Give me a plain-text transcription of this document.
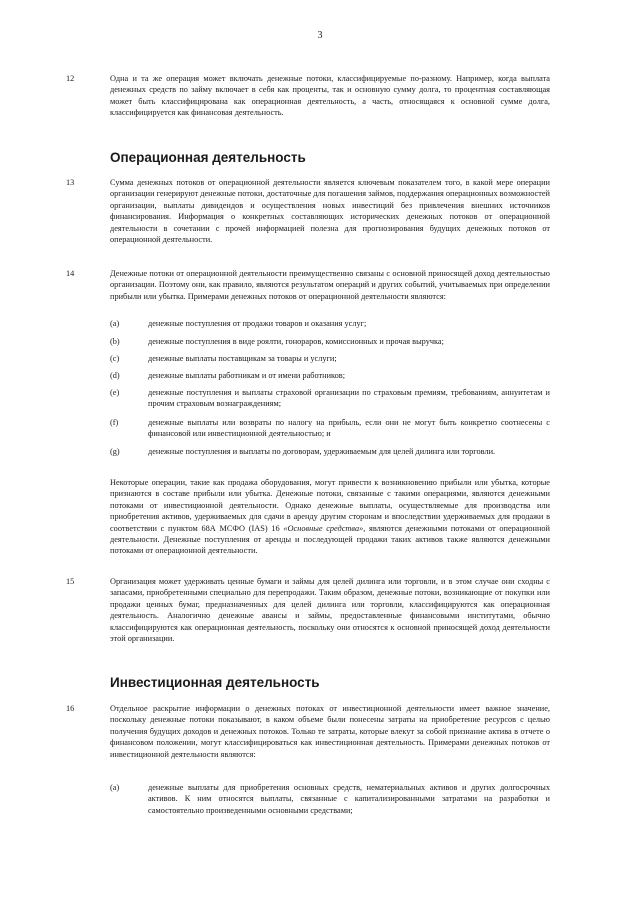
3
12	Одна и та же операция может включать денежные потоки, классифицируемые по-разному. Например, когда выплата денежных средств по займу включает в себя как проценты, так и основную сумму долга, то процентная составляющая может быть классифицирована как операционная деятельность, а часть, относящаяся к основной сумме долга, классифицируется как финансовая деятельность.
Операционная деятельность
13	Сумма денежных потоков от операционной деятельности является ключевым показателем того, в какой мере операции организации генерируют денежные потоки, достаточные для погашения займов, поддержания операционных возможностей организации, выплаты дивидендов и осуществления новых инвестиций без привлечения внешних источников финансирования. Информация о конкретных составляющих исторических денежных потоков от операционной деятельности в сочетании с прочей информацией полезна для прогнозирования будущих денежных потоков от операционной деятельности.
14	Денежные потоки от операционной деятельности преимущественно связаны с основной приносящей доход деятельностью организации. Поэтому они, как правило, являются результатом операций и других событий, учитываемых при определении прибыли или убытка. Примерами денежных потоков от операционной деятельности являются:
(a)	денежные поступления от продажи товаров и оказания услуг;
(b)	денежные поступления в виде роялти, гонораров, комиссионных и прочая выручка;
(c)	денежные выплаты поставщикам за товары и услуги;
(d)	денежные выплаты работникам и от имени работников;
(e)	денежные поступления и выплаты страховой организации по страховым премиям, требованиям, аннуитетам и прочим страховым вознаграждениям;
(f)	денежные выплаты или возвраты по налогу на прибыль, если они не могут быть конкретно соотнесены с финансовой или инвестиционной деятельностью; и
(g)	денежные поступления и выплаты по договорам, удерживаемым для целей дилинга или торговли.
Некоторые операции, такие как продажа оборудования, могут привести к возникновению прибыли или убытка, которые признаются в составе прибыли или убытка. Денежные потоки, связанные с такими операциями, являются денежными потоками от инвестиционной деятельности. Однако денежные выплаты, осуществляемые для производства или приобретения активов, удерживаемых для сдачи в аренду другим сторонам и впоследствии удерживаемых для продажи в соответствии с пунктом 68А МСФО (IAS) 16 «Основные средства», являются денежными потоками от операционной деятельности. Денежные поступления от аренды и последующей продажи таких активов также являются денежными потоками от операционной деятельности.
15	Организация может удерживать ценные бумаги и займы для целей дилинга или торговли, и в этом случае они сходны с запасами, приобретенными специально для перепродажи. Таким образом, денежные потоки, возникающие от покупки или продажи ценных бумаг, предназначенных для целей дилинга или торговли, классифицируются как операционная деятельность. Аналогично денежные авансы и займы, предоставленные финансовыми институтами, обычно классифицируются как операционная деятельность, поскольку они относятся к основной приносящей доход деятельности этой организации.
Инвестиционная деятельность
16	Отдельное раскрытие информации о денежных потоках от инвестиционной деятельности имеет важное значение, поскольку денежные потоки показывают, в каком объеме были понесены затраты на приобретение ресурсов с целью получения будущих доходов и денежных потоков. Только те затраты, которые влекут за собой признание актива в отчете о финансовом положении, могут классифицироваться как инвестиционная деятельность. Примерами денежных потоков от инвестиционной деятельности являются:
(a)	денежные выплаты для приобретения основных средств, нематериальных активов и других долгосрочных активов. К ним относятся выплаты, связанные с капитализированными затратами на разработки и самостоятельно произведенными основными средствами;
